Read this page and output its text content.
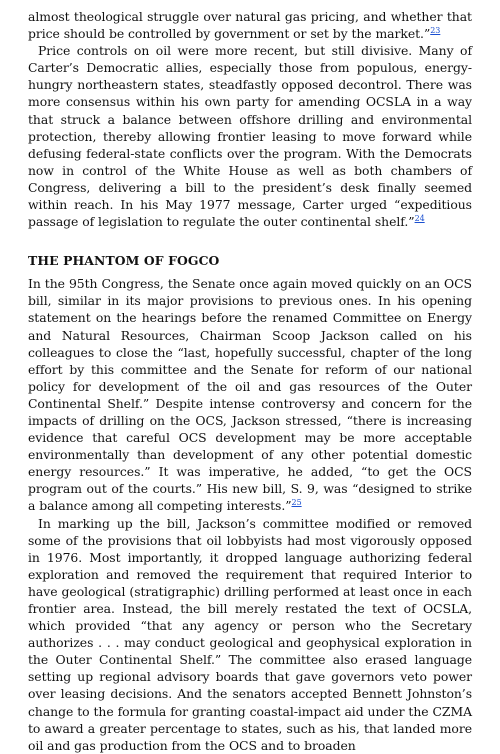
almost theological struggle over natural gas pricing, and whether that price should be controlled by government or set by the market.”$^{23}$

Price controls on oil were more recent, but still divisive. Many of Carter’s Democratic allies, especially those from populous, energy-hungry northeastern states, steadfastly opposed decontrol. There was more consensus within his own party for amending OCSLA in a way that struck a balance between offshore drilling and environmental protection, thereby allowing frontier leasing to move forward while defusing federal-state conflicts over the program. With the Democrats now in control of the White House as well as both chambers of Congress, delivering a bill to the president’s desk finally seemed within reach. In his May 1977 message, Carter urged “expeditious passage of legislation to regulate the outer continental shelf.”$^{24}$

THE PHANTOM OF FOGCO

In the 95th Congress, the Senate once again moved quickly on an OCS bill, similar in its major provisions to previous ones. In his opening statement on the hearings before the renamed Committee on Energy and Natural Resources, Chairman Scoop Jackson called on his colleagues to close the “last, hopefully successful, chapter of the long effort by this committee and the Senate for reform of our national policy for development of the oil and gas resources of the Outer Continental Shelf.” Despite intense controversy and concern for the impacts of drilling on the OCS, Jackson stressed, “there is increasing evidence that careful OCS development may be more acceptable environmentally than development of any other potential domestic energy resources.” It was imperative, he added, “to get the OCS program out of the courts.” His new bill, S. 9, was “designed to strike a balance among all competing interests.”$^{25}$

In marking up the bill, Jackson’s committee modified or removed some of the provisions that oil lobbyists had most vigorously opposed in 1976. Most importantly, it dropped language authorizing federal exploration and removed the requirement that required Interior to have geological (stratigraphic) drilling performed at least once in each frontier area. Instead, the bill merely restated the text of OCSLA, which provided “that any agency or person who the Secretary authorizes . . . may conduct geological and geophysical exploration in the Outer Continental Shelf.” The committee also erased language setting up regional advisory boards that gave governors veto power over leasing decisions. And the senators accepted Bennett Johnston’s change to the formula for granting coastal-impact aid under the CZMA to award a greater percentage to states, such as his, that landed more oil and gas production from the OCS and to broaden
